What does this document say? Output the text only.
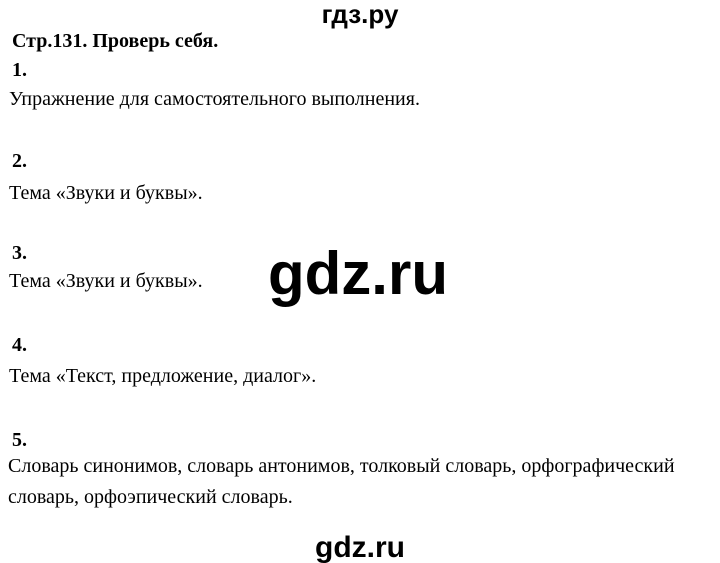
гдз.ру
Стр.131. Проверь себя.
1.
Упражнение для самостоятельного выполнения.
2.
Тема «Звуки и буквы».
3.
Тема «Звуки и буквы». gdz.ru
4.
Тема «Текст, предложение, диалог».
5.
Словарь синонимов, словарь антонимов, толковый словарь, орфографический словарь, орфоэпический словарь.
gdz.ru
